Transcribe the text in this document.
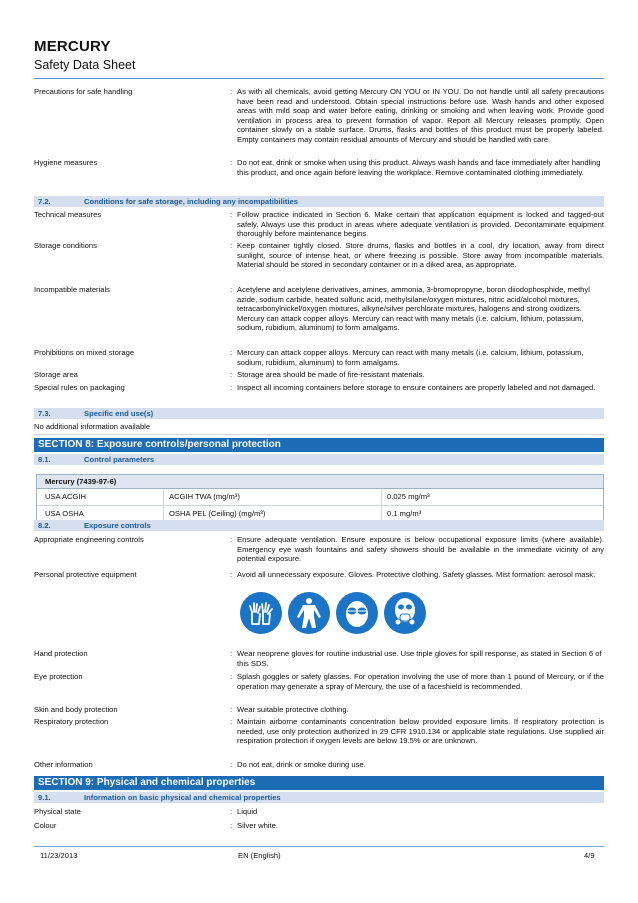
MERCURY
Safety Data Sheet
Precautions for safe handling	: As with all chemicals, avoid getting Mercury ON YOU or IN YOU. Do not handle until all safety precautions have been read and understood. Obtain special instructions before use. Wash hands and other exposed areas with mild soap and water before eating, drinking or smoking and when leaving work. Provide good ventilation in process area to prevent formation of vapor. Report all Mercury releases promptly. Open container slowly on a stable surface. Drums, flasks and bottles of this product must be properly labeled. Empty containers may contain residual amounts of Mercury and should be handled with care.
Hygiene measures	: Do not eat, drink or smoke when using this product. Always wash hands and face immediately after handling this product, and once again before leaving the workplace. Remove contaminated clothing immediately.
7.2.	Conditions for safe storage, including any incompatibilities
Technical measures	: Follow practice indicated in Section 6. Make certain that application equipment is locked and tagged-out safely. Always use this product in areas where adequate ventilation is provided. Decontaminate equipment thoroughly before maintenance begins.
Storage conditions	: Keep container tightly closed. Store drums, flasks and bottles in a cool, dry location, away from direct sunlight, source of intense heat, or where freezing is possible. Store away from incompatible materials. Material should be stored in secondary container or in a diked area, as appropriate.
Incompatible materials	: Acetylene and acetylene derivatives, amines, ammonia, 3-bromopropyne, boron diiodophosphide, methyl azide, sodium carbide, heated sulfuric acid, methylsilane/oxygen mixtures, nitric acid/alcohol mixtures, tetracarbonylnickel/oxygen mixtures, alkyne/silver perchlorate mixtures, halogens and strong oxidizers. Mercury can attack copper alloys. Mercury can react with many metals (i.e. calcium, lithium, potassium, sodium, rubidium, aluminum) to form amalgams.
Prohibitions on mixed storage	: Mercury can attack copper alloys. Mercury can react with many metals (i.e. calcium, lithium, potassium, sodium, rubidium, aluminum) to form amalgams.
Storage area	: Storage area should be made of fire-resistant materials.
Special rules on packaging	: Inspect all incoming containers before storage to ensure containers are properly labeled and not damaged.
7.3.	Specific end use(s)
No additional information available
SECTION 8: Exposure controls/personal protection
8.1.	Control parameters
Mercury (7439-97-6)
USA ACGIH	ACGIH TWA (mg/m³)	0.025 mg/m³
USA OSHA	OSHA PEL (Ceiling) (mg/m³)	0.1 mg/m³
8.2.	Exposure controls
Appropriate engineering controls	: Ensure adequate ventilation. Ensure exposure is below occupational exposure limits (where available). Emergency eye wash fountains and safety showers should be available in the immediate vicinity of any potential exposure.
Personal protective equipment	: Avoid all unnecessary exposure. Gloves. Protective clothing. Safety glasses. Mist formation: aerosol mask.
Hand protection	: Wear neoprene gloves for routine industrial use. Use triple gloves for spill response, as stated in Section 6 of this SDS.
Eye protection	: Splash goggles or safety glasses. For operation involving the use of more than 1 pound of Mercury, or if the operation may generate a spray of Mercury, the use of a faceshield is recommended.
Skin and body protection	: Wear suitable protective clothing.
Respiratory protection	: Maintain airborne contaminants concentration below provided exposure limits. If respiratory protection is needed, use only protection authorized in 29 CFR 1910.134 or applicable state regulations. Use supplied air respiration protection if oxygen levels are below 19.5% or are unknown.
Other information	: Do not eat, drink or smoke during use.
SECTION 9: Physical and chemical properties
9.1.	Information on basic physical and chemical properties
Physical state	: Liquid
Colour	: Silver white.
11/23/2013	EN (English)	4/9
